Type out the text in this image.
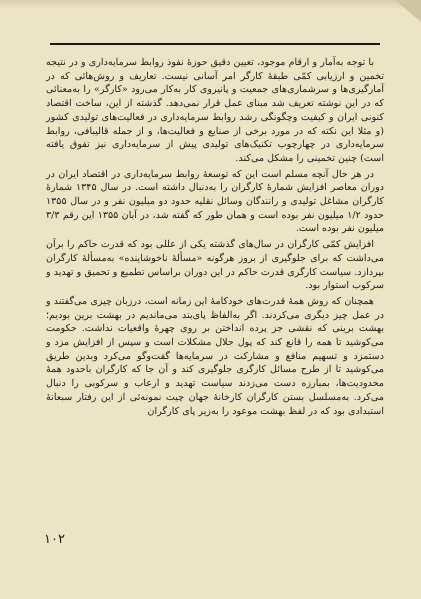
با توجه به‌آمار و ارقام موجود، تعیین دقیق حوزهٔ نفوذ روابط سرمایه‌داری و در نتیجه تخمین و ارزیابی کمّی طبقهٔ کارگر امر آسانی نیست. تعاریف و روش‌هائی که در آمارگیری‌ها و سرشماری‌های جمعیت و پانیروی کار به‌کار می‌رود «کارگر» را به‌معنائی که در این نوشته تعریف شد مبنای عمل قرار نمی‌دهد. گذشته از این، ساخت اقتصاد کنونی ایران و کیفیت وچگونگی رشد روابط سرمایه‌داری در فعالیت‌های تولیدی کشور (و مثلا این نکته که در مورد برخی از صنایع و فعالیت‌ها، و از جمله قالیبافی، روابط سرمایه‌داری در چهارچوب تکنیک‌های تولیدی پیش از سرمایه‌داری نیز تفوق یافته است) چنین تخمینی را مشکل می‌کند.

در هر حال آنچه مسلم است این که توسعهٔ روابط سرمایه‌داری در اقتصاد ایران در دوران معاصر افزایش شمارهٔ کارگران را به‌دنبال داشته است. در سال ۱۳۴۵ شمارهٔ کارگران مشاغل تولیدی و رانندگان وسائل نقلیه حدود دو میلیون نفر و در سال ۱۳۵۵ حدود ۱/۲ میلیون نفر بوده است و همان طور که گفته شد، در آبان ۱۳۵۵ این رقم ۳/۳ میلیون نفر بوده است.

افزایش کمّی کارگران در سال‌های گذشته یکی از عللی بود که قدرت حاکم را برآن می‌داشت که برای جلوگیری از بروز هرگونه «مسألهٔ ناخوشاینده» به‌مسألهٔ کارگران بپردازد. سیاست کارگری قدرت حاکم در این دوران براساس تطمیع و تحمیق و تهدید و سرکوب استوار بود.

همچنان که روش همهٔ قدرت‌های خودکامهٔ این زمانه است، درزبان چیزی می‌گفتند و در عمل چیز دیگری می‌کردند. اگر به‌الفاظ پای‌بند می‌ماندیم در بهشت برین بودیم؛ بهشت برینی که نقشی جز پرده انداختن بر روی چهرهٔ واقعیات نداشت. حکومت می‌کوشید تا همه را قانع کند که پول حلال مشکلات است و سپس از افزایش مزد و دستمزد و تسهیم منافع و مشارکت در سرمایه‌ها گفت‌وگو می‌کرد وبدین طریق می‌کوشید تا از طرح مسائل کارگری جلوگیری کند و آن جا که کارگران باحدود همهٔ محدودیت‌ها، بمبارزه دست می‌زدند سیاست تهدید و ارعاب و سرکوبی را دنبال می‌کرد. به‌مسلسل بستن کارگران کارخانهٔ جهان چیت نمونه‌ئی از این رفتار سبعانهٔ استبدادی بود که در لفظ بهشت موعود را به‌زیر پای کارگران

۱۰۲
